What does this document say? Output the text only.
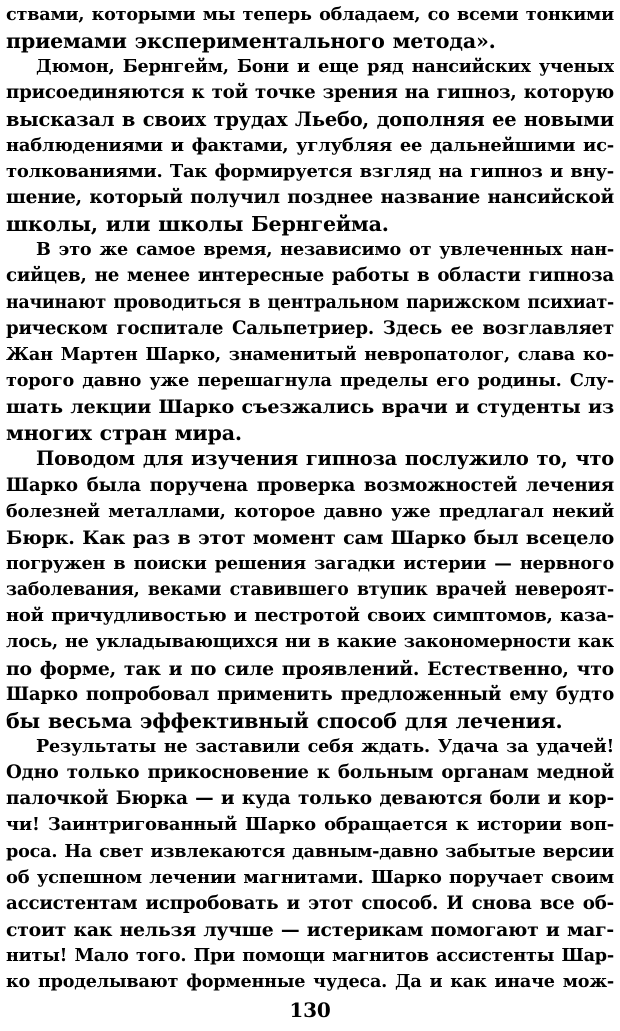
ствами, которыми мы теперь обладаем, со всеми тонкими
приемами экспериментального метода».
Дюмон, Бернгейм, Бони и еще ряд нансийских ученых
присоединяются к той точке зрения на гипноз, которую
высказал в своих трудах Льебо, дополняя ее новыми
наблюдениями и фактами, углубляя ее дальнейшими ис-
толкованиями. Так формируется взгляд на гипноз и вну-
шение, который получил позднее название нансийской
школы, или школы Бернгейма.
В это же самое время, независимо от увлеченных нан-
сийцев, не менее интересные работы в области гипноза
начинают проводиться в центральном парижском психиат-
рическом госпитале Сальпетриер. Здесь ее возглавляет
Жан Мартен Шарко, знаменитый невропатолог, слава ко-
торого давно уже перешагнула пределы его родины. Слу-
шать лекции Шарко съезжались врачи и студенты из
многих стран мира.
Поводом для изучения гипноза послужило то, что
Шарко была поручена проверка возможностей лечения
болезней металлами, которое давно уже предлагал некий
Бюрк. Как раз в этот момент сам Шарко был всецело
погружен в поиски решения загадки истерии — нервного
заболевания, веками ставившего втупик врачей невероят-
ной причудливостью и пестротой своих симптомов, каза-
лось, не укладывающихся ни в какие закономерности как
по форме, так и по силе проявлений. Естественно, что
Шарко попробовал применить предложенный ему будто
бы весьма эффективный способ для лечения.
Результаты не заставили себя ждать. Удача за удачей!
Одно только прикосновение к больным органам медной
палочкой Бюрка — и куда только деваются боли и кор-
чи! Заинтригованный Шарко обращается к истории воп-
роса. На свет извлекаются давным-давно забытые версии
об успешном лечении магнитами. Шарко поручает своим
ассистентам испробовать и этот способ. И снова все об-
стоит как нельзя лучше — истерикам помогают и маг-
ниты! Мало того. При помощи магнитов ассистенты Шар-
ко проделывают форменные чудеса. Да и как иначе мож-
130
